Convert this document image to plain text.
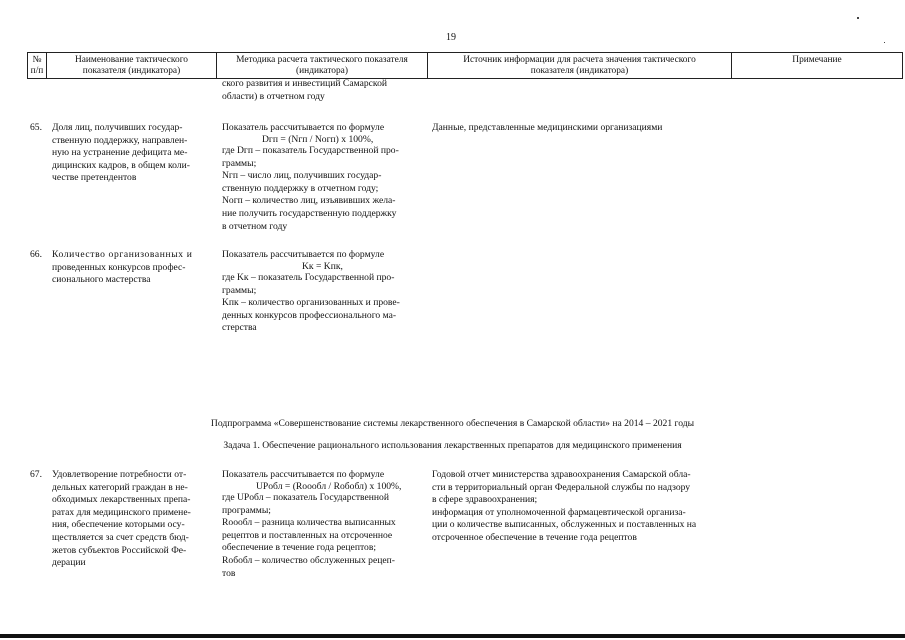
19
№
п/п
Наименование тактического
показателя (индикатора)
Методика расчета тактического показателя
(индикатора)
Источник информации для расчета значения тактического
показателя (индикатора)
Примечание
ского развития и инвестиций Самарской
области) в отчетном году
65. Доля лиц, получивших государ-
ственную поддержку, направлен-
ную на устранение дефицита ме-
дицинских кадров, в общем коли-
честве претендентов
Показатель рассчитывается по формуле
Dгп = (Nгп / Nогп) х 100%,
где Dгп – показатель Государственной про-
граммы;
Nгп – число лиц, получивших государ-
ственную поддержку в отчетном году;
Nогп – количество лиц, изъявивших жела-
ние получить государственную поддержку
в отчетном году
Данные, представленные медицинскими организациями
66. Количество организованных и
проведенных конкурсов профес-
сионального мастерства
Показатель рассчитывается по формуле
Kк = Kпк,
где Kк – показатель Государственной про-
граммы;
Kпк – количество организованных и прове-
денных конкурсов профессионального ма-
стерства
Подпрограмма «Совершенствование системы лекарственного обеспечения в Самарской области» на 2014 – 2021 годы
Задача 1. Обеспечение рационального использования лекарственных препаратов для медицинского применения
67. Удовлетворение потребности от-
дельных категорий граждан в не-
обходимых лекарственных препа-
ратах для медицинского примене-
ния, обеспечение которыми осу-
ществляется за счет средств бюд-
жетов субъектов Российской Фе-
дерации
Показатель рассчитывается по формуле
UPобл = (Rоообл / Rобобл) х 100%,
где UPобл – показатель Государственной
программы;
Rоообл – разница количества выписанных
рецептов и поставленных на отсроченное
обеспечение в течение года рецептов;
Rобобл – количество обслуженных рецеп-
тов
Годовой отчет министерства здравоохранения Самарской обла-
сти в территориальный орган Федеральной службы по надзору
в сфере здравоохранения;
информация от уполномоченной фармацевтической организа-
ции о количестве выписанных, обслуженных и поставленных на
отсроченное обеспечение в течение года рецептов
